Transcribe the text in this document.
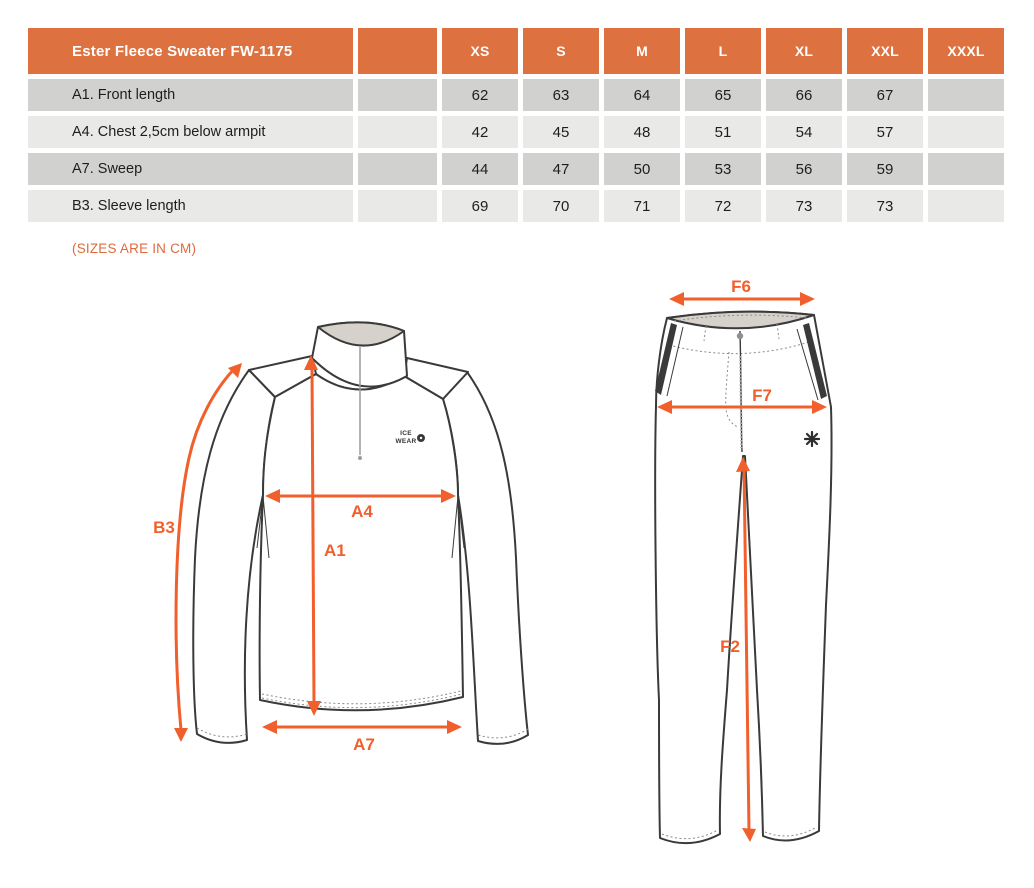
Ester Fleece Sweater FW-1175	XS	S	M	L	XL	XXL	XXXL
A1. Front length	62	63	64	65	66	67
A4. Chest 2,5cm below armpit	42	45	48	51	54	57
A7. Sweep	44	47	50	53	56	59
B3. Sleeve length	69	70	71	72	73	73
(SIZES ARE IN CM)
ICE
WEAR
B3
A1
A4
A7
F6
F7
F2
